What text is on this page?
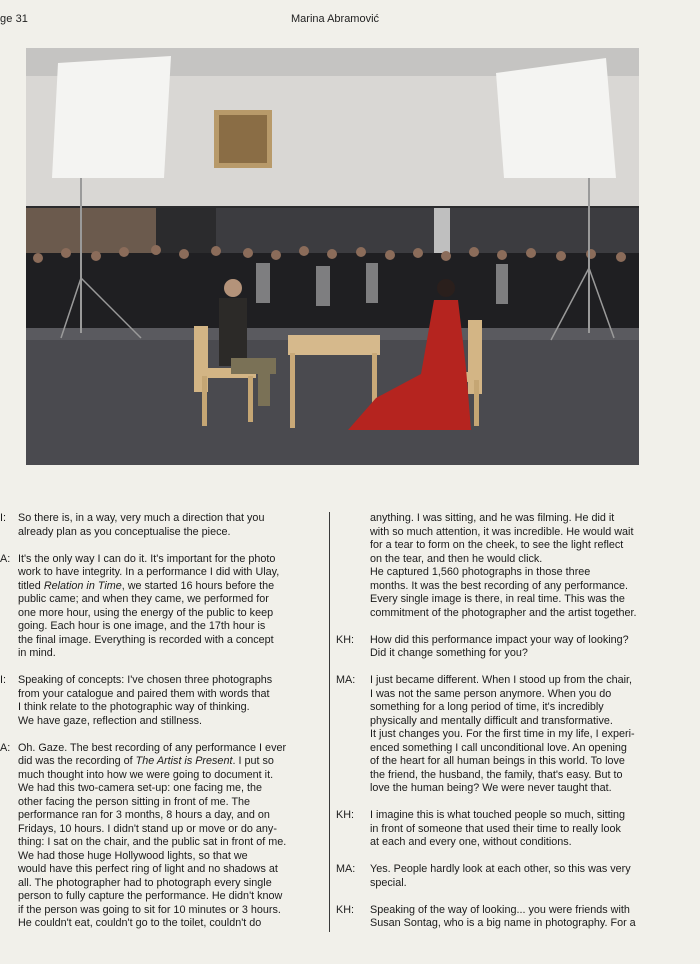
ge 31	Marina Abramović
I:	So there is, in a way, very much a direction that you
already plan as you conceptualise the piece.
A: It's the only way I can do it. It's important for the photo
work to have integrity. In a performance I did with Ulay,
titled Relation in Time, we started 16 hours before the
public came; and when they came, we performed for
one more hour, using the energy of the public to keep
going. Each hour is one image, and the 17th hour is
the final image. Everything is recorded with a concept
in mind.
I:	Speaking of concepts: I've chosen three photographs
from your catalogue and paired them with words that
I think relate to the photographic way of thinking.
We have gaze, reflection and stillness.
A: Oh. Gaze. The best recording of any performance I ever
did was the recording of The Artist is Present. I put so
much thought into how we were going to document it.
We had this two-camera set-up: one facing me, the
other facing the person sitting in front of me. The
performance ran for 3 months, 8 hours a day, and on
Fridays, 10 hours. I didn't stand up or move or do any-
thing: I sat on the chair, and the public sat in front of me.
We had those huge Hollywood lights, so that we
would have this perfect ring of light and no shadows at
all. The photographer had to photograph every single
person to fully capture the performance. He didn't know
if the person was going to sit for 10 minutes or 3 hours.
He couldn't eat, couldn't go to the toilet, couldn't do
anything. I was sitting, and he was filming. He did it
with so much attention, it was incredible. He would wait
for a tear to form on the cheek, to see the light reflect
on the tear, and then he would click.
He captured 1,560 photographs in those three
months. It was the best recording of any performance.
Every single image is there, in real time. This was the
commitment of the photographer and the artist together.
KH:	How did this performance impact your way of looking?
Did it change something for you?
MA:	I just became different. When I stood up from the chair,
I was not the same person anymore. When you do
something for a long period of time, it's incredibly
physically and mentally difficult and transformative.
It just changes you. For the first time in my life, I experi-
enced something I call unconditional love. An opening
of the heart for all human beings in this world. To love
the friend, the husband, the family, that's easy. But to
love the human being? We were never taught that.
KH:	I imagine this is what touched people so much, sitting
in front of someone that used their time to really look
at each and every one, without conditions.
MA:	Yes. People hardly look at each other, so this was very
special.
KH:	Speaking of the way of looking... you were friends with
Susan Sontag, who is a big name in photography. For a
